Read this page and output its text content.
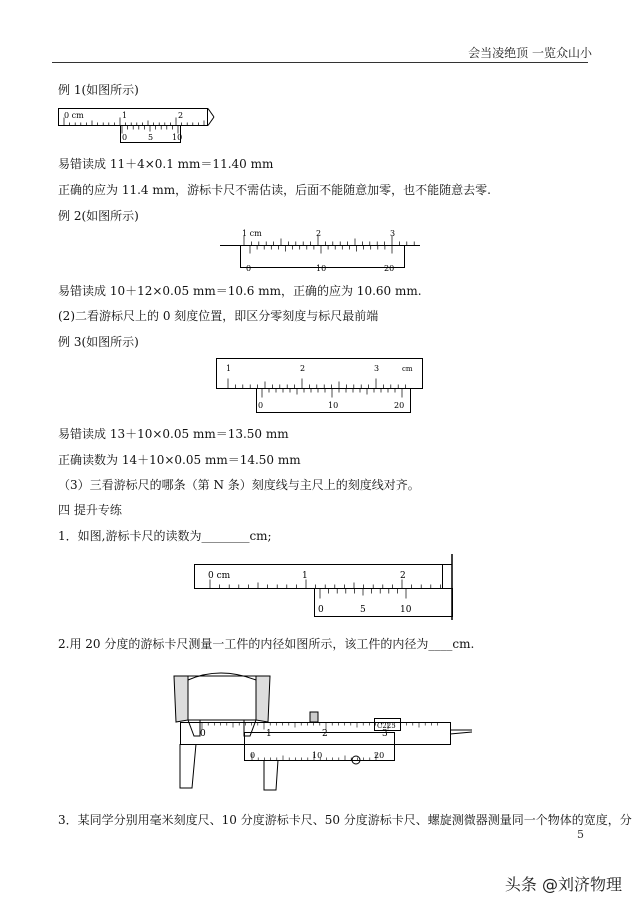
会当凌绝顶 一览众山小
例 1(如图所示)
0 cm	1	2
0	5 10
易错读成 11＋4×0.1 mm＝11.40 mm
正确的应为 11.4 mm，游标卡尺不需估读，后面不能随意加零，也不能随意去零.
例 2(如图所示)
1 cm	2	3
0	10	20
易错读成 10＋12×0.05 mm＝10.6 mm，正确的应为 10.60 mm.
(2)二看游标尺上的 0 刻度位置，即区分零刻度与标尺最前端
例 3(如图所示)
1	2	3	cm
0	10	20
易错读成 13＋10×0.05 mm＝13.50 mm
正确读数为 14＋10×0.05 mm＝14.50 mm
（3）三看游标尺的哪条（第 N 条）刻度线与主尺上的刻度线对齐。
四 提升专练
1．如图,游标卡尺的读数为________cm;
0 cm	1	2
0	5	10
2.用 20 分度的游标卡尺测量一工件的内径如图所示，该工件的内径为____cm.
0	1	2	3
0	10	20
C225
3．某同学分别用毫米刻度尺、10 分度游标卡尺、50 分度游标卡尺、螺旋测微器测量同一个物体的宽度，分
5
头条 @刘济物理
